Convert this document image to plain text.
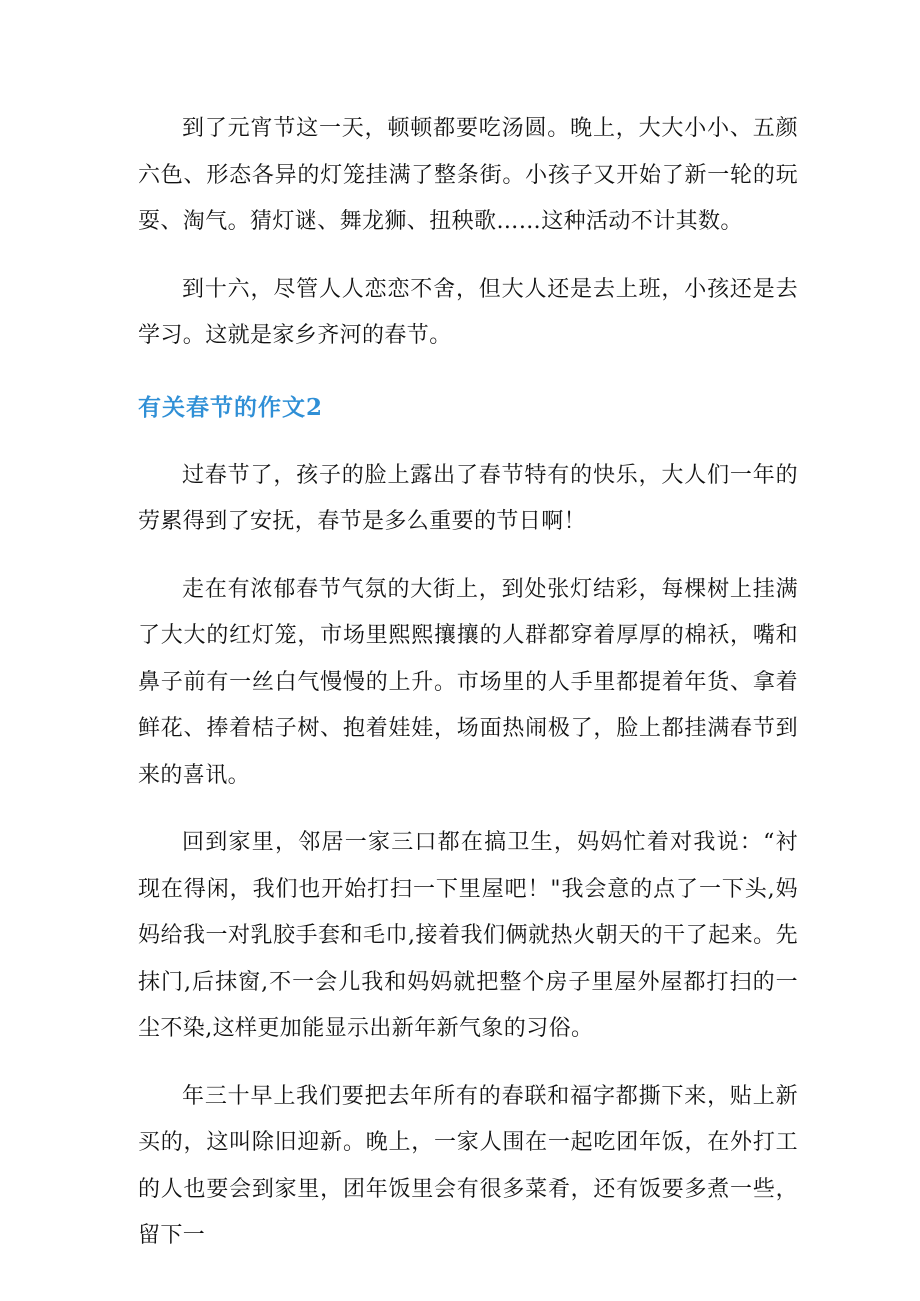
到了元宵节这一天，顿顿都要吃汤圆。晚上，大大小小、五颜六色、形态各异的灯笼挂满了整条街。小孩子又开始了新一轮的玩耍、淘气。猜灯谜、舞龙狮、扭秧歌……这种活动不计其数。

到十六，尽管人人恋恋不舍，但大人还是去上班，小孩还是去学习。这就是家乡齐河的春节。

有关春节的作文2

过春节了，孩子的脸上露出了春节特有的快乐，大人们一年的劳累得到了安抚，春节是多么重要的节日啊！

走在有浓郁春节气氛的大街上，到处张灯结彩，每棵树上挂满了大大的红灯笼，市场里熙熙攘攘的人群都穿着厚厚的棉袄，嘴和鼻子前有一丝白气慢慢的上升。市场里的人手里都提着年货、拿着鲜花、捧着桔子树、抱着娃娃，场面热闹极了，脸上都挂满春节到来的喜讯。

回到家里，邻居一家三口都在搞卫生，妈妈忙着对我说：“衬现在得闲，我们也开始打扫一下里屋吧！"我会意的点了一下头,妈妈给我一对乳胶手套和毛巾,接着我们俩就热火朝天的干了起来。先抹门,后抹窗,不一会儿我和妈妈就把整个房子里屋外屋都打扫的一尘不染,这样更加能显示出新年新气象的习俗。

年三十早上我们要把去年所有的春联和福字都撕下来，贴上新买的，这叫除旧迎新。晚上，一家人围在一起吃团年饭，在外打工的人也要会到家里，团年饭里会有很多菜肴，还有饭要多煮一些，留下一
